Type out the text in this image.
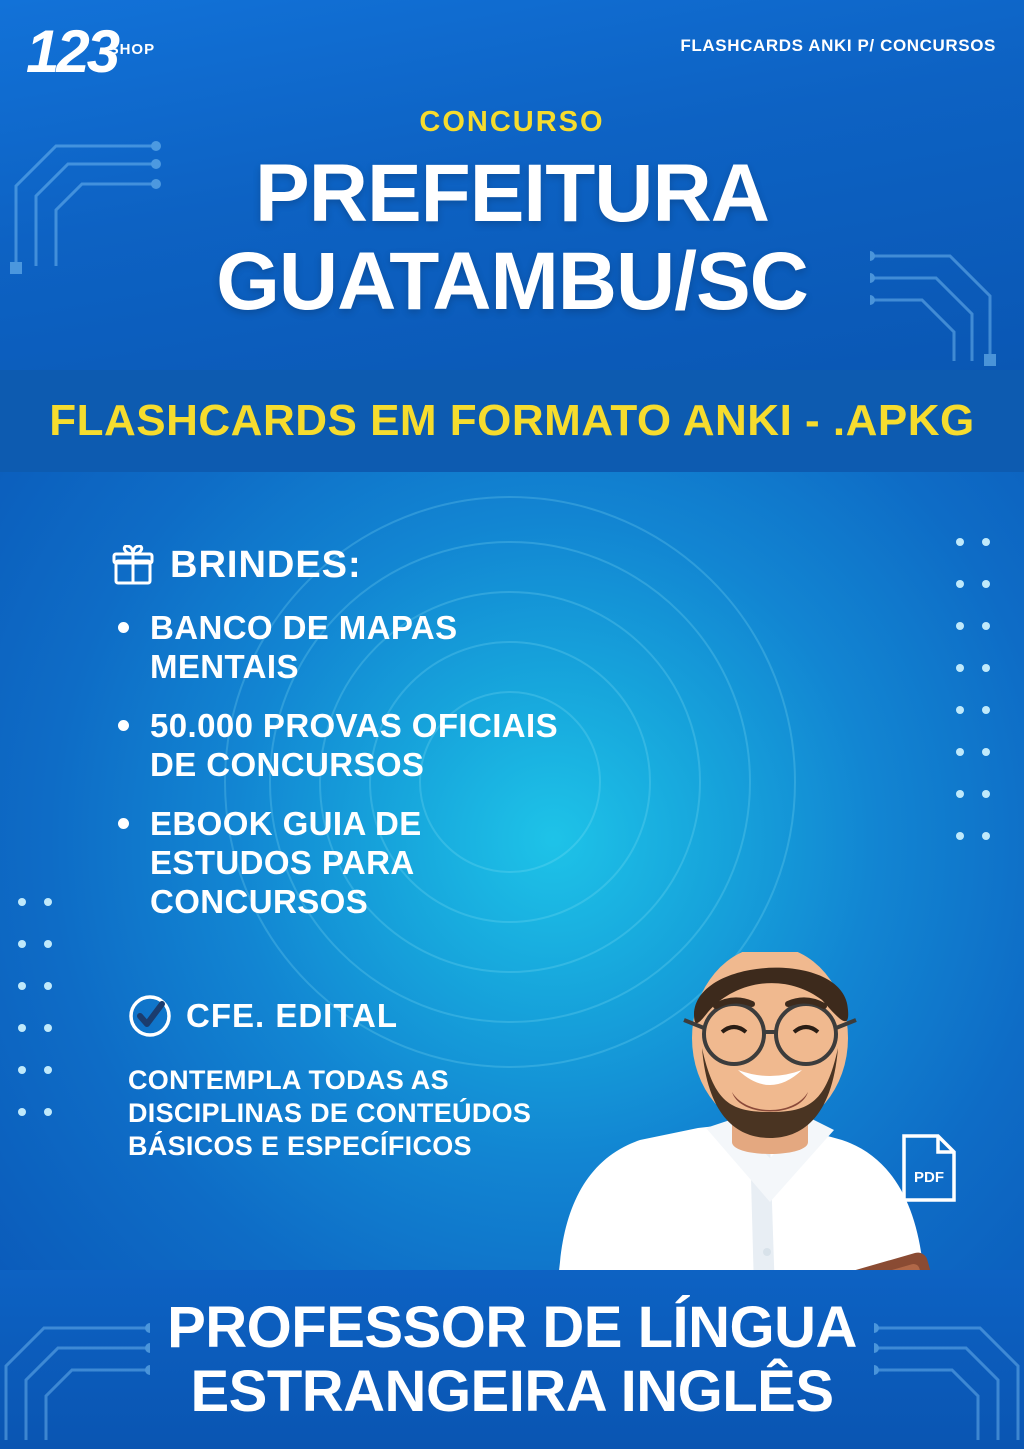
123
SHOP	FLASHCARDS ANKI P/ CONCURSOS
CONCURSO
PREFEITURA
GUATAMBU/SC
FLASHCARDS EM FORMATO ANKI - .APKG
BRINDES:
BANCO DE MAPAS MENTAIS
50.000 PROVAS OFICIAIS DE CONCURSOS
EBOOK GUIA DE ESTUDOS PARA CONCURSOS
CFE. EDITAL
CONTEMPLA TODAS AS DISCIPLINAS DE CONTEÚDOS BÁSICOS E ESPECÍFICOS
PDF
PROFESSOR DE LÍNGUA
ESTRANGEIRA INGLÊS
